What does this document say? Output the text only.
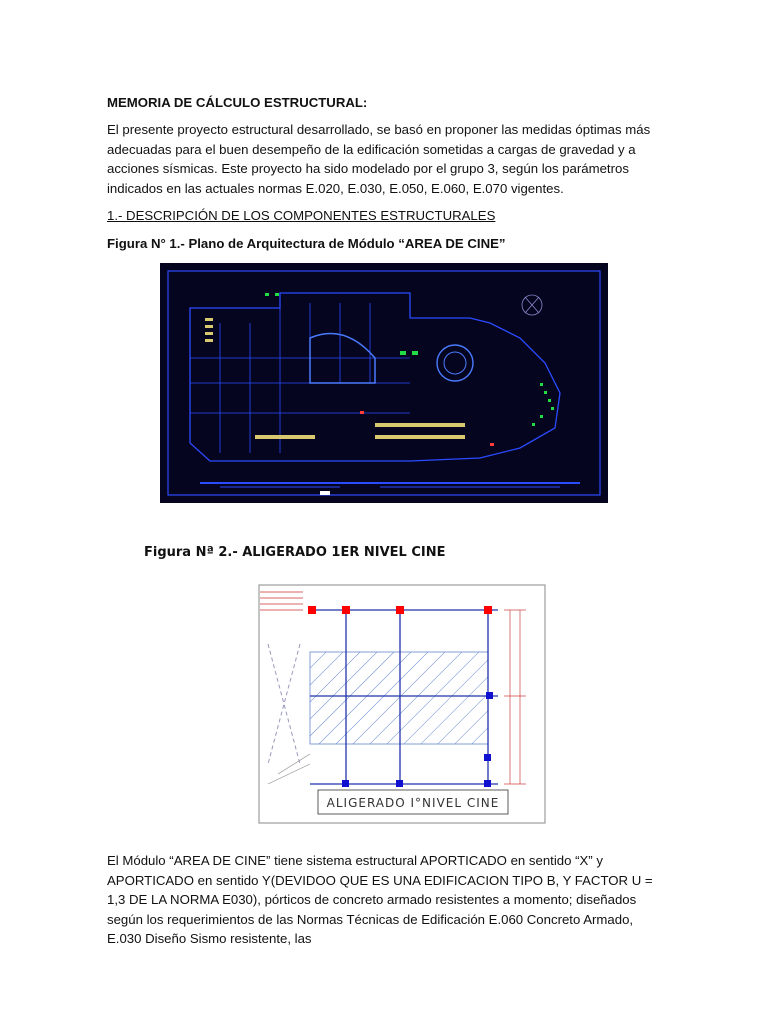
MEMORIA DE CÁLCULO ESTRUCTURAL:
El presente proyecto estructural desarrollado, se basó en proponer las medidas óptimas más adecuadas para el buen desempeño de la edificación sometidas a cargas de gravedad y a acciones sísmicas. Este proyecto ha sido modelado por el grupo 3, según los parámetros indicados en las actuales normas E.020, E.030, E.050, E.060, E.070 vigentes.
1.- DESCRIPCIÓN DE LOS COMPONENTES ESTRUCTURALES
Figura N° 1.- Plano de Arquitectura de Módulo “AREA DE CINE”
Figura Nª 2.- ALIGERADO 1ER NIVEL CINE
ALIGERADO I°NIVEL CINE
El Módulo “AREA DE CINE” tiene sistema estructural APORTICADO en sentido “X” y APORTICADO en sentido Y(DEVIDOO QUE ES UNA EDIFICACION TIPO B, Y FACTOR U = 1,3 DE LA NORMA E030), pórticos de concreto armado resistentes a momento; diseñados según los requerimientos de las Normas Técnicas de Edificación E.060 Concreto Armado, E.030 Diseño Sismo resistente, las
